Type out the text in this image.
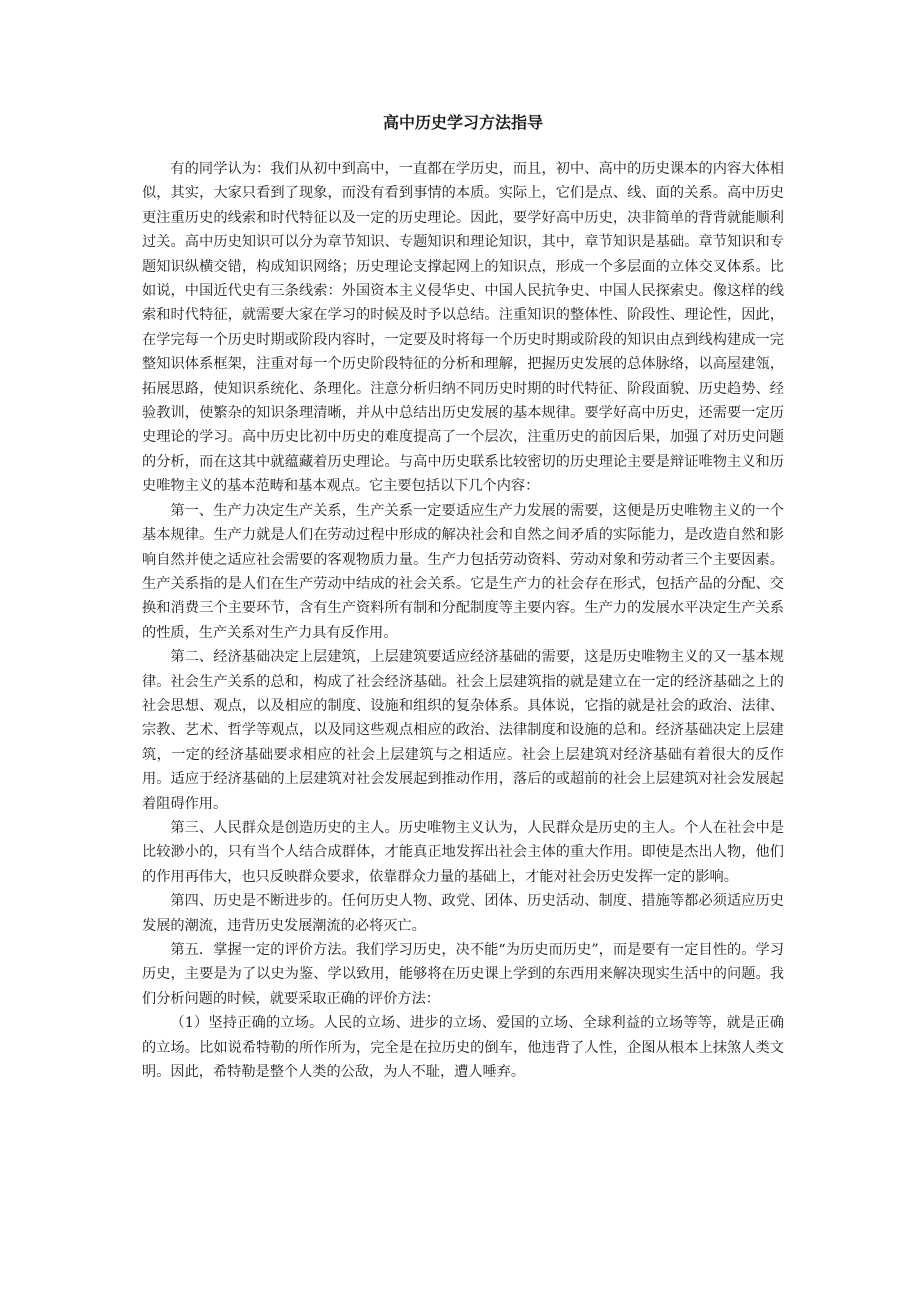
高中历史学习方法指导

有的同学认为：我们从初中到高中，一直都在学历史，而且，初中、高中的历史课本的内容大体相似，其实，大家只看到了现象，而没有看到事情的本质。实际上，它们是点、线、面的关系。高中历史更注重历史的线索和时代特征以及一定的历史理论。因此，要学好高中历史，决非简单的背背就能顺利过关。高中历史知识可以分为章节知识、专题知识和理论知识，其中，章节知识是基础。章节知识和专题知识纵横交错，构成知识网络；历史理论支撑起网上的知识点，形成一个多层面的立体交叉体系。比如说，中国近代史有三条线索：外国资本主义侵华史、中国人民抗争史、中国人民探索史。像这样的线索和时代特征，就需要大家在学习的时候及时予以总结。注重知识的整体性、阶段性、理论性，因此，在学完每一个历史时期或阶段内容时，一定要及时将每一个历史时期或阶段的知识由点到线构建成一完整知识体系框架，注重对每一个历史阶段特征的分析和理解，把握历史发展的总体脉络，以高屋建瓴，拓展思路，使知识系统化、条理化。注意分析归纳不同历史时期的时代特征、阶段面貌、历史趋势、经验教训，使繁杂的知识条理清晰，并从中总结出历史发展的基本规律。要学好高中历史，还需要一定历史理论的学习。高中历史比初中历史的难度提高了一个层次，注重历史的前因后果，加强了对历史问题的分析，而在这其中就蕴藏着历史理论。与高中历史联系比较密切的历史理论主要是辩证唯物主义和历史唯物主义的基本范畴和基本观点。它主要包括以下几个内容：

第一、生产力决定生产关系，生产关系一定要适应生产力发展的需要，这便是历史唯物主义的一个基本规律。生产力就是人们在劳动过程中形成的解决社会和自然之间矛盾的实际能力，是改造自然和影响自然并使之适应社会需要的客观物质力量。生产力包括劳动资料、劳动对象和劳动者三个主要因素。生产关系指的是人们在生产劳动中结成的社会关系。它是生产力的社会存在形式，包括产品的分配、交换和消费三个主要环节，含有生产资料所有制和分配制度等主要内容。生产力的发展水平决定生产关系的性质，生产关系对生产力具有反作用。

第二、经济基础决定上层建筑，上层建筑要适应经济基础的需要，这是历史唯物主义的又一基本规律。社会生产关系的总和，构成了社会经济基础。社会上层建筑指的就是建立在一定的经济基础之上的社会思想、观点，以及相应的制度、设施和组织的复杂体系。具体说，它指的就是社会的政治、法律、宗教、艺术、哲学等观点，以及同这些观点相应的政治、法律制度和设施的总和。经济基础决定上层建筑，一定的经济基础要求相应的社会上层建筑与之相适应。社会上层建筑对经济基础有着很大的反作用。适应于经济基础的上层建筑对社会发展起到推动作用，落后的或超前的社会上层建筑对社会发展起着阻碍作用。

第三、人民群众是创造历史的主人。历史唯物主义认为，人民群众是历史的主人。个人在社会中是比较渺小的，只有当个人结合成群体，才能真正地发挥出社会主体的重大作用。即使是杰出人物，他们的作用再伟大，也只反映群众要求，依靠群众力量的基础上，才能对社会历史发挥一定的影响。

第四、历史是不断进步的。任何历史人物、政党、团体、历史活动、制度、措施等都必须适应历史发展的潮流，违背历史发展潮流的必将灭亡。

第五．掌握一定的评价方法。我们学习历史，决不能“为历史而历史”，而是要有一定目性的。学习历史，主要是为了以史为鉴、学以致用，能够将在历史课上学到的东西用来解决现实生活中的问题。我们分析问题的时候，就要采取正确的评价方法：

（1）坚持正确的立场。人民的立场、进步的立场、爱国的立场、全球利益的立场等等，就是正确的立场。比如说希特勒的所作所为，完全是在拉历史的倒车，他违背了人性，企图从根本上抹煞人类文明。因此，希特勒是整个人类的公敌，为人不耻，遭人唾弃。
